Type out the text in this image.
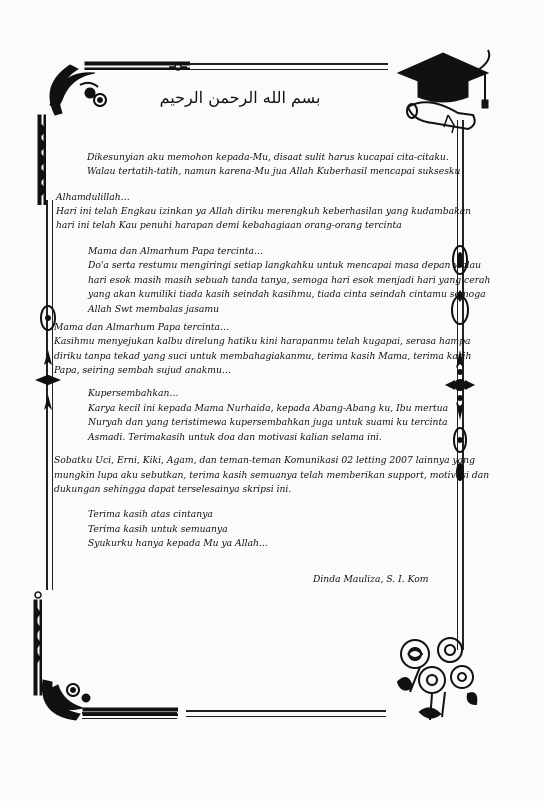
بسم الله الرحمن الرحيم
Dikesunyian aku memohon kepada-Mu, disaat sulit harus kucapai cita-citaku.
Walau tertatih-tatih, namun karena-Mu jua Allah Kuberhasil mencapai suksesku
Alhamdulillah…
Hari ini telah Engkau izinkan ya Allah diriku merengkuh keberhasilan yang kudambakan
hari ini telah Kau penuhi harapan demi kebahagiaan orang-orang tercinta
Mama dan Almarhum Papa tercinta…
Do'a serta restumu mengiringi setiap langkahku untuk mencapai masa depan walau
hari esok masih masih sebuah tanda tanya, semoga hari esok menjadi hari yang cerah
yang akan kumiliki tiada kasih seindah kasihmu, tiada cinta seindah cintamu semoga
Allah Swt membalas jasamu
Mama dan Almarhum Papa tercinta…
Kasihmu menyejukan kalbu direlung hatiku kini harapanmu telah kugapai, serasa hampa
diriku tanpa tekad yang suci untuk membahagiakanmu, terima kasih Mama, terima kasih
Papa, seiring sembah sujud anakmu…
Kupersembahkan…
Karya kecil ini kepada Mama Nurhaida, kepada Abang-Abang ku, Ibu mertua
Nuryah dan yang teristimewa kupersembahkan juga untuk suami ku tercinta
Asmadi. Terimakasih untuk doa dan motivasi kalian selama ini.
Sobatku Uci, Erni, Kiki, Agam, dan teman-teman Komunikasi 02 letting 2007 lainnya yang
mungkin lupa aku sebutkan, terima kasih semuanya telah memberikan support, motivasi dan
dukungan sehingga dapat terselesainya skripsi ini.
Terima kasih atas cintanya
Terima kasih untuk semuanya
Syukurku hanya kepada Mu ya Allah...
Dinda Mauliza, S. I. Kom
